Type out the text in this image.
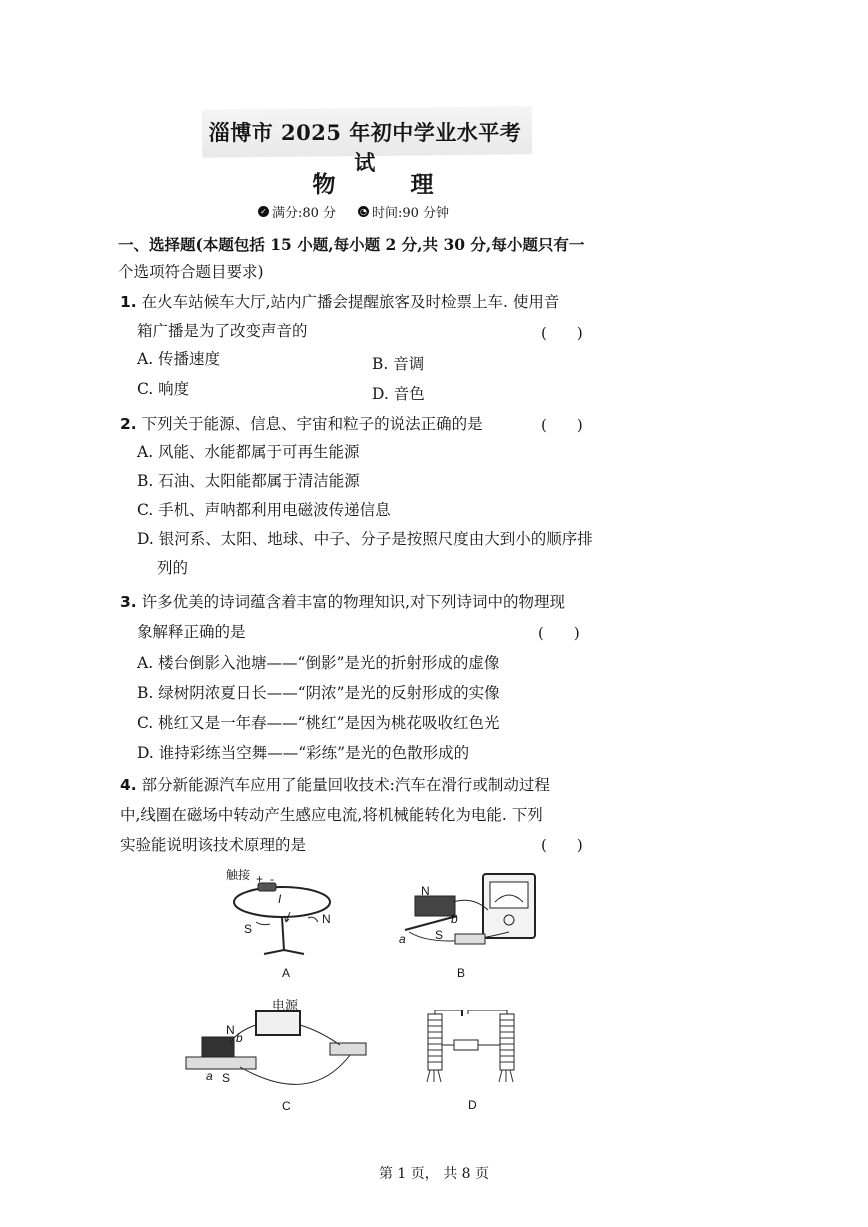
淄博市 2025 年初中学业水平考试
物　理
✓ 满分:80 分	◔ 时间:90 分钟
一、选择题(本题包括 15 小题,每小题 2 分,共 30 分,每小题只有一
个选项符合题目要求)
1. 在火车站候车大厅,站内广播会提醒旅客及时检票上车. 使用音
箱广播是为了改变声音的	(　　)
A. 传播速度	B. 音调
C. 响度	D. 音色
2. 下列关于能源、信息、宇宙和粒子的说法正确的是	(　　)
A. 风能、水能都属于可再生能源
B. 石油、太阳能都属于清洁能源
C. 手机、声呐都利用电磁波传递信息
D. 银河系、太阳、地球、中子、分子是按照尺度由大到小的顺序排
列的
3. 许多优美的诗词蕴含着丰富的物理知识,对下列诗词中的物理现
象解释正确的是	(　　)
A. 楼台倒影入池塘——“倒影”是光的折射形成的虚像
B. 绿树阴浓夏日长——“阴浓”是光的反射形成的实像
C. 桃红又是一年春——“桃红”是因为桃花吸收红色光
D. 谁持彩练当空舞——“彩练”是光的色散形成的
4. 部分新能源汽车应用了能量回收技术:汽车在滑行或制动过程
中,线圈在磁场中转动产生感应电流,将机械能转化为电能. 下列
实验能说明该技术原理的是	(　　)
触接 + -
I
N
S
A
N
S
a
b
B
电源
N
S
a
b
C	D
第 1 页， 共 8 页
